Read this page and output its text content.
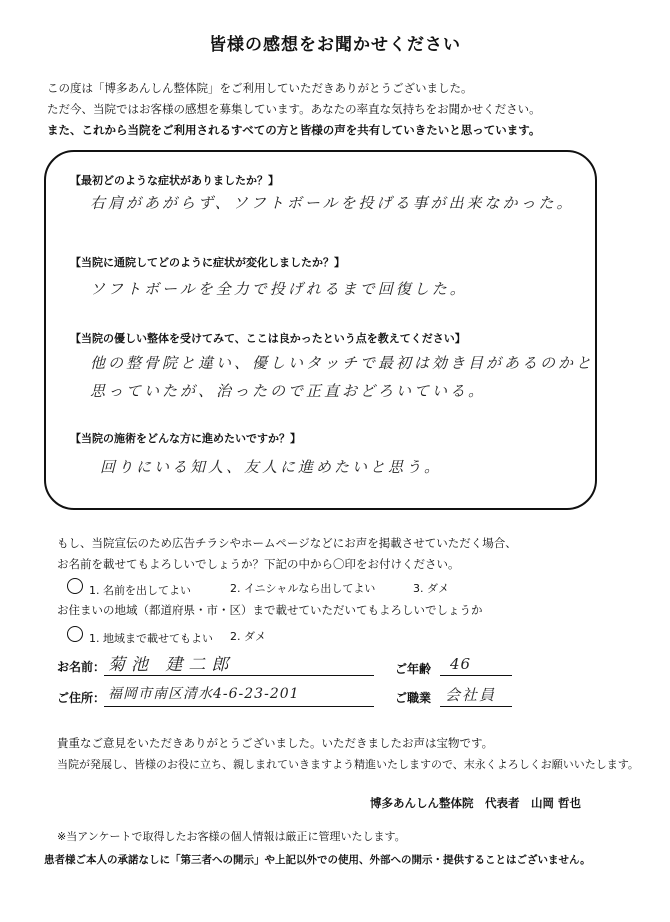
皆様の感想をお聞かせください
この度は「博多あんしん整体院」をご利用していただきありがとうございました。
ただ今、当院ではお客様の感想を募集しています。あなたの率直な気持ちをお聞かせください。
また、これから当院をご利用されるすべての方と皆様の声を共有していきたいと思っています。
【最初どのような症状がありましたか？】
右肩があがらず、ソフトボールを投げる事が出来なかった。
【当院に通院してどのように症状が変化しましたか？】
ソフトボールを全力で投げれるまで回復した。
【当院の優しい整体を受けてみて、ここは良かったという点を教えてください】
他の整骨院と違い、優しいタッチで最初は効き目があるのかと
思っていたが、治ったので正直おどろいている。
【当院の施術をどんな方に進めたいですか？】
回りにいる知人、友人に進めたいと思う。
もし、当院宣伝のため広告チラシやホームページなどにお声を掲載させていただく場合、
お名前を載せてもよろしいでしょうか？下記の中から〇印をお付けください。
1. 名前を出してよい	2. イニシャルなら出してよい	3. ダメ
お住まいの地域（都道府県・市・区）まで載せていただいてもよろしいでしょうか
1. 地域まで載せてもよい 2. ダメ
お名前： 菊池 建二郎	ご年齢 46
ご住所： 福岡市南区清水4-6-23-201	ご職業 会社員
貴重なご意見をいただきありがとうございました。いただきましたお声は宝物です。
当院が発展し、皆様のお役に立ち、親しまれていきますよう精進いたしますので、末永くよろしくお願いいたします。
博多あんしん整体院　代表者　山岡 哲也
※当アンケートで取得したお客様の個人情報は厳正に管理いたします。
患者様ご本人の承諾なしに「第三者への開示」や上記以外での使用、外部への開示・提供することはございません。
